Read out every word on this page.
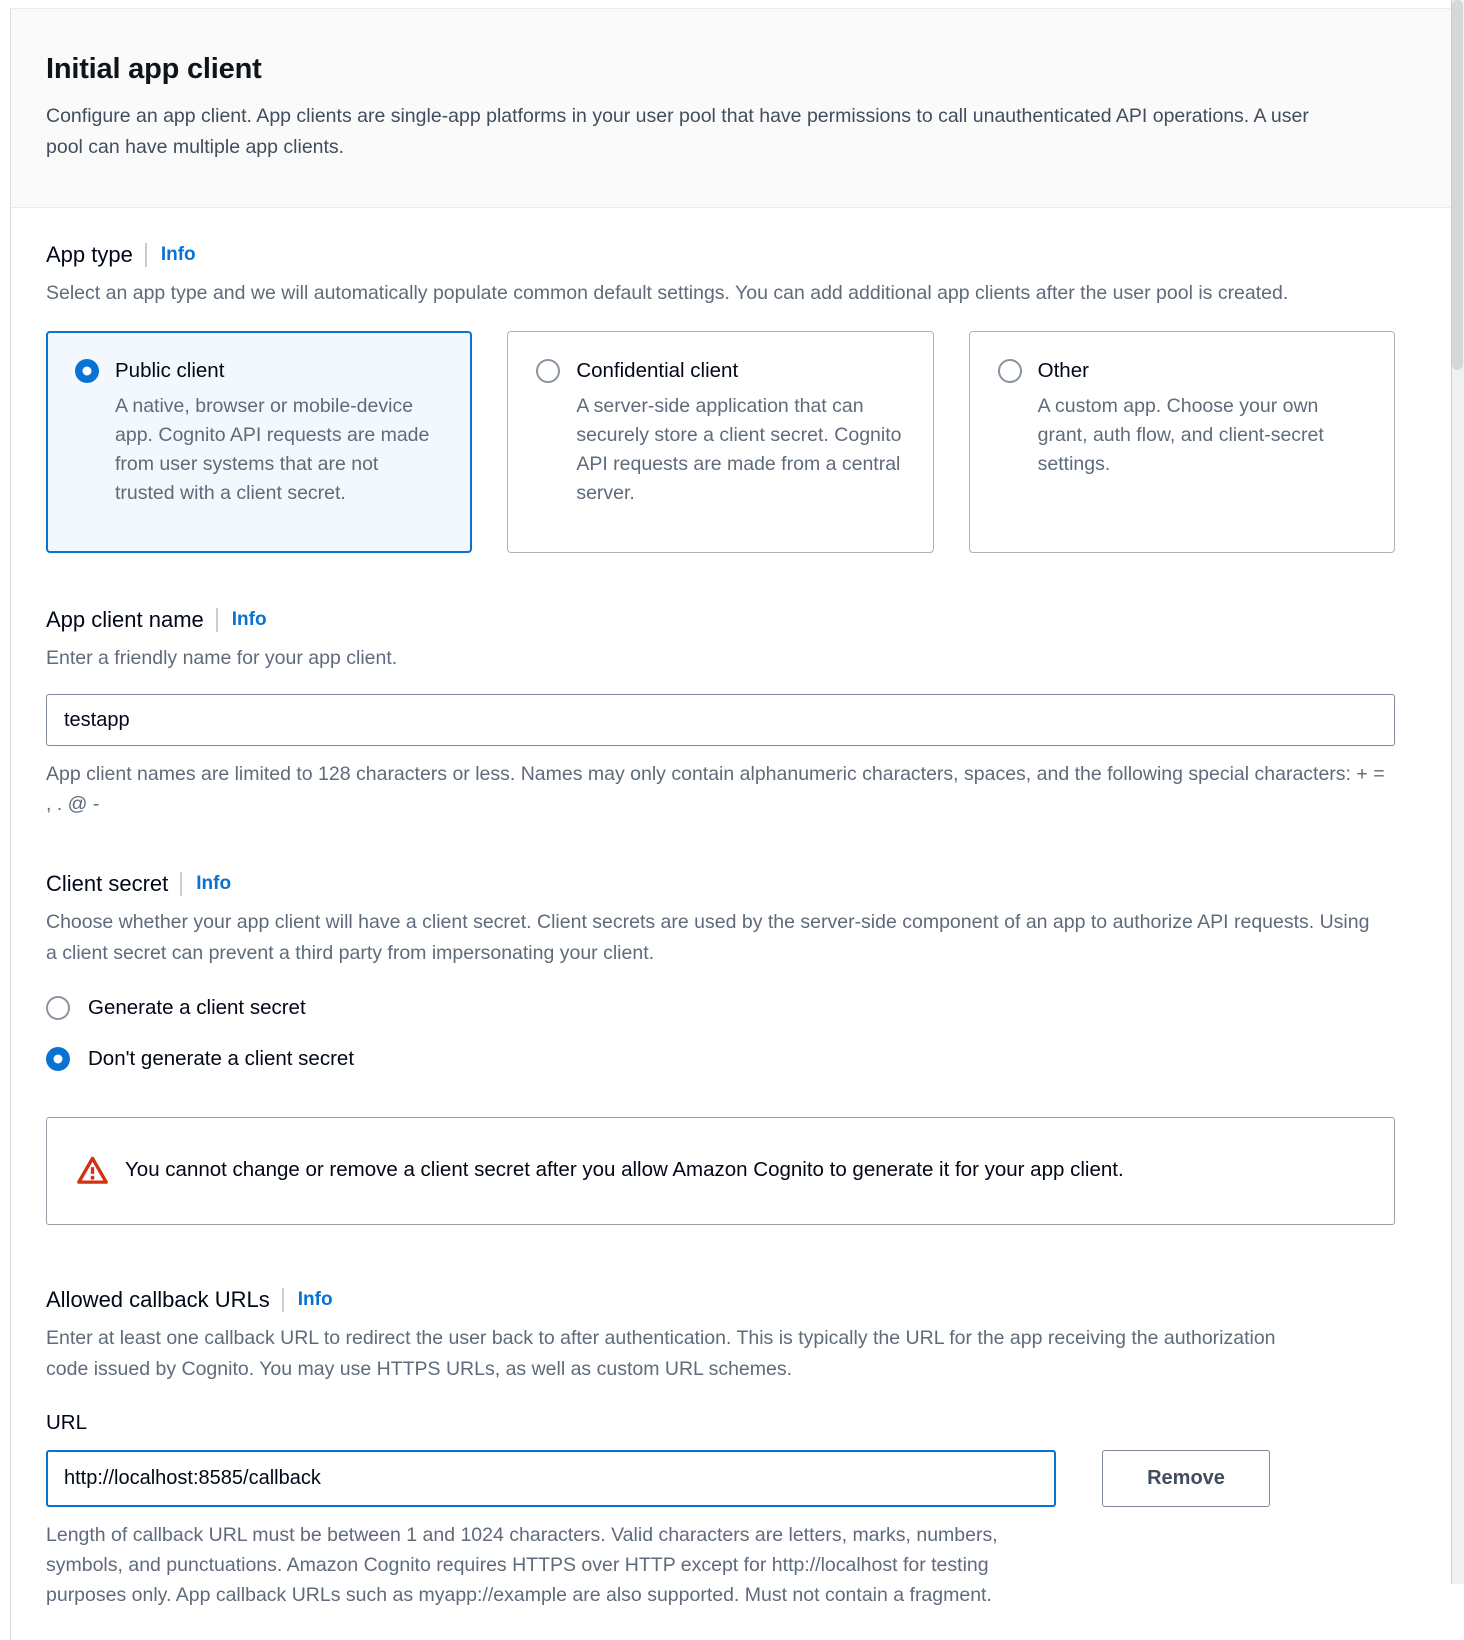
Initial app client

Configure an app client. App clients are single-app platforms in your user pool that have permissions to call unauthenticated API operations. A user pool can have multiple app clients.

App type Info

Select an app type and we will automatically populate common default settings. You can add additional app clients after the user pool is created.

Public client

A native, browser or mobile-device app. Cognito API requests are made from user systems that are not trusted with a client secret.

Confidential client

A server-side application that can securely store a client secret. Cognito API requests are made from a central server.

Other

A custom app. Choose your own grant, auth flow, and client-secret settings.

App client name Info

Enter a friendly name for your app client.

testapp

App client names are limited to 128 characters or less. Names may only contain alphanumeric characters, spaces, and the following special characters: + = , . @ -

Client secret Info

Choose whether your app client will have a client secret. Client secrets are used by the server-side component of an app to authorize API requests. Using a client secret can prevent a third party from impersonating your client.

Generate a client secret
Don't generate a client secret

You cannot change or remove a client secret after you allow Amazon Cognito to generate it for your app client.

Allowed callback URLs Info

Enter at least one callback URL to redirect the user back to after authentication. This is typically the URL for the app receiving the authorization code issued by Cognito. You may use HTTPS URLs, as well as custom URL schemes.

URL
http://localhost:8585/callback
Remove

Length of callback URL must be between 1 and 1024 characters. Valid characters are letters, marks, numbers, symbols, and punctuations. Amazon Cognito requires HTTPS over HTTP except for http://localhost for testing purposes only. App callback URLs such as myapp://example are also supported. Must not contain a fragment.
